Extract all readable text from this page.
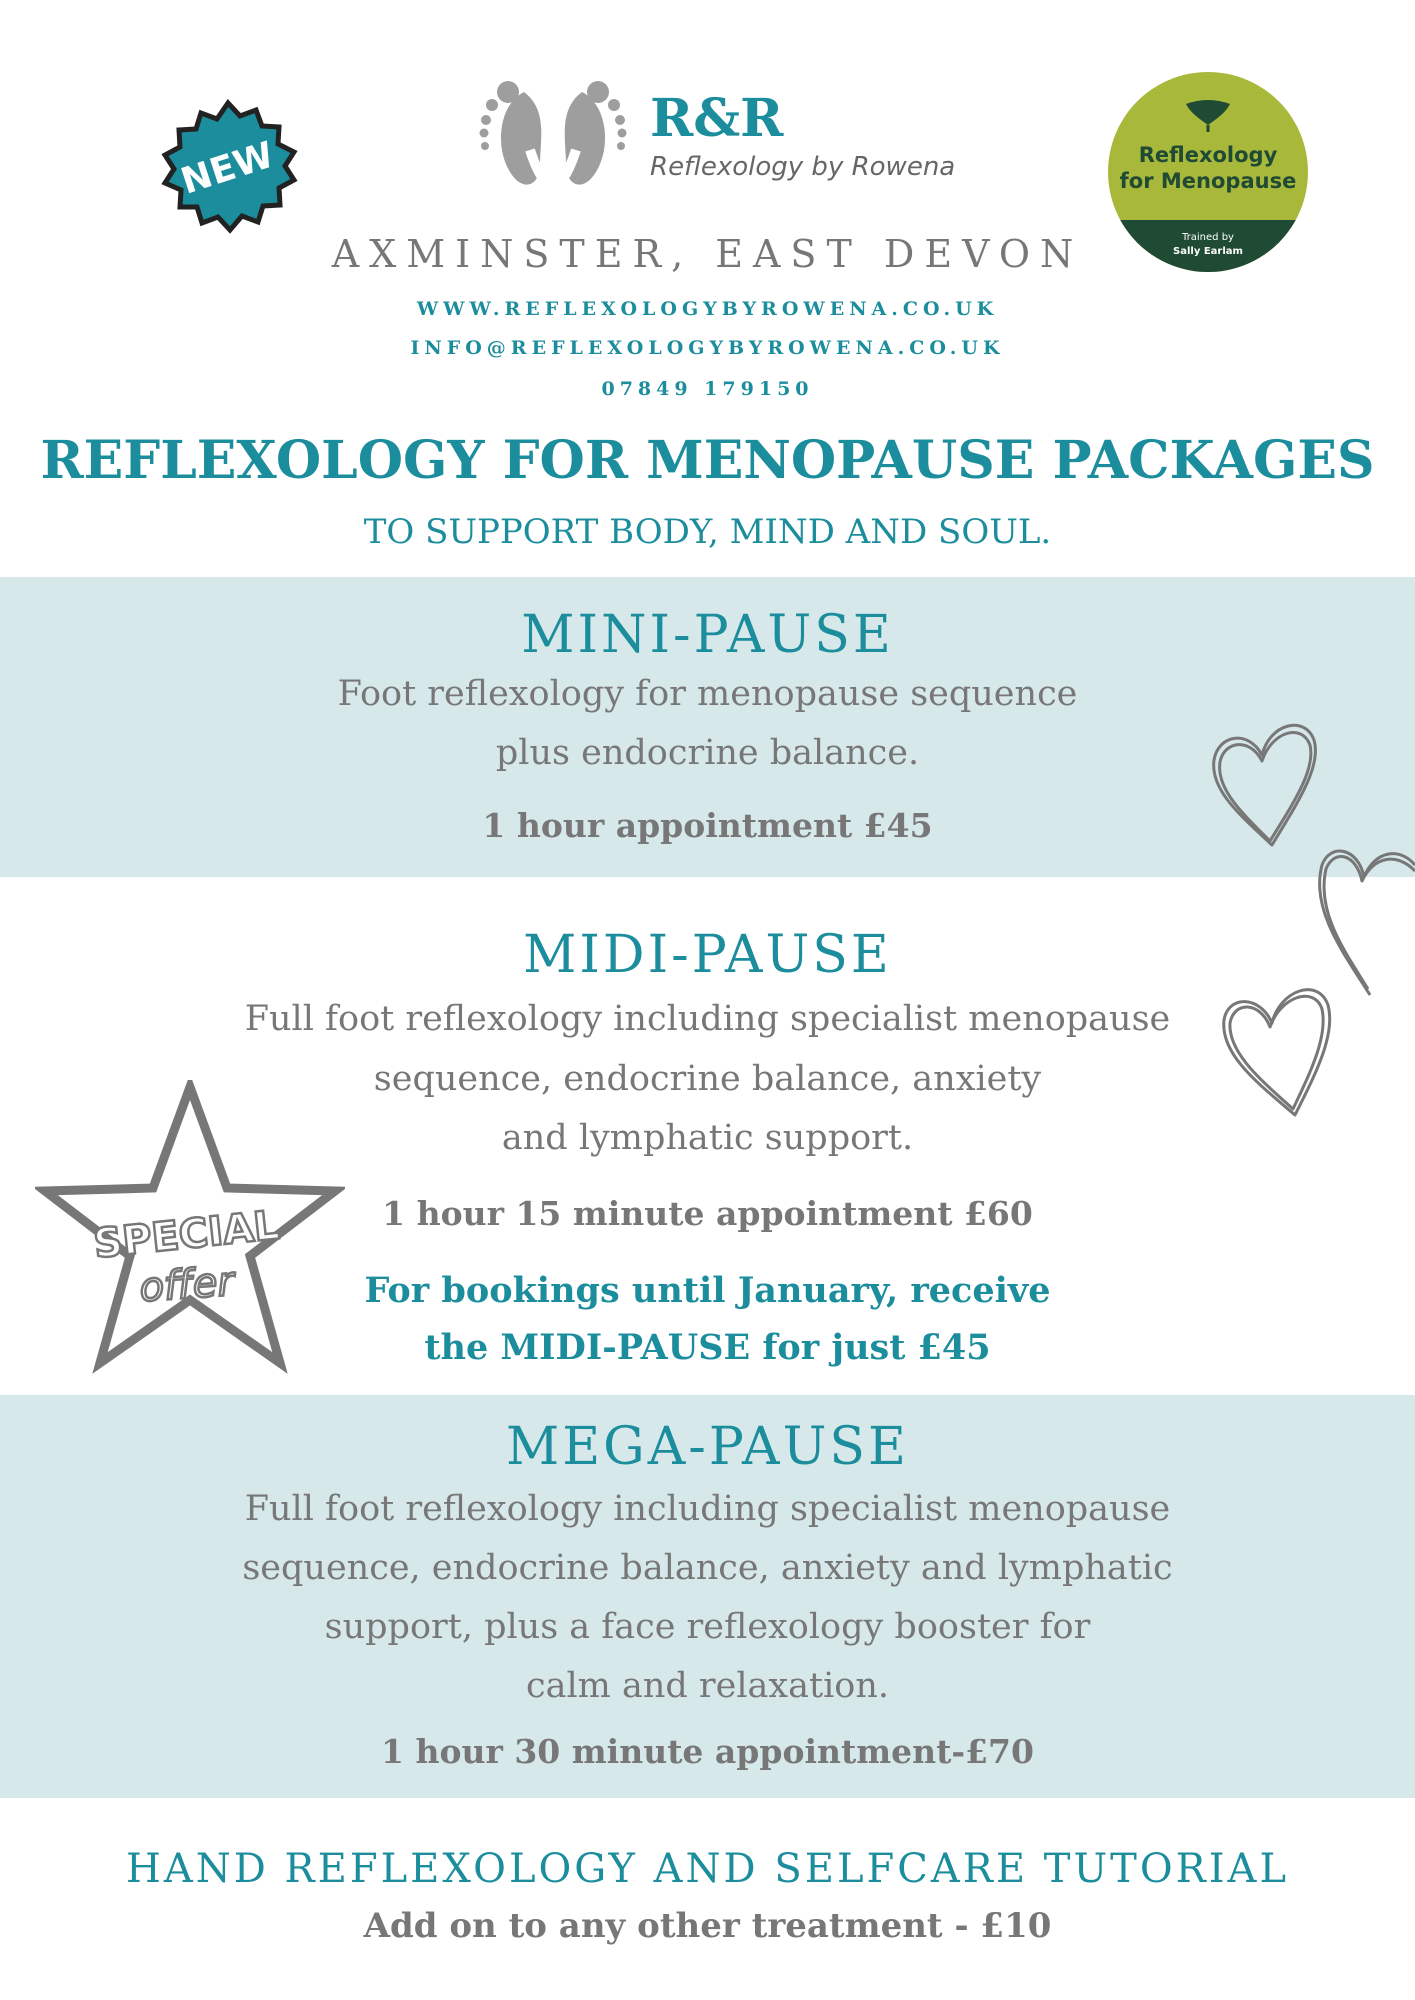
NEW
R&R
Reflexology by Rowena	Reflexology
for Menopause
Trained by
Sally Earlam
AXMINSTER, EAST DEVON
WWW.REFLEXOLOGYBYROWENA.CO.UK
INFO@REFLEXOLOGYBYROWENA.CO.UK
07849 179150
REFLEXOLOGY FOR MENOPAUSE PACKAGES
TO SUPPORT BODY, MIND AND SOUL.
MINI-PAUSE
Foot reflexology for menopause sequence
plus endocrine balance.
1 hour appointment £45
MIDI-PAUSE
Full foot reflexology including specialist menopause
sequence, endocrine balance, anxiety
and lymphatic support.
1 hour 15 minute appointment £60
For bookings until January, receive
the MIDI-PAUSE for just £45
MEGA-PAUSE
Full foot reflexology including specialist menopause
sequence, endocrine balance, anxiety and lymphatic
support, plus a face reflexology booster for
calm and relaxation.
1 hour 30 minute appointment-£70
HAND REFLEXOLOGY AND SELFCARE TUTORIAL
Add on to any other treatment - £10
SPECIAL
offer
